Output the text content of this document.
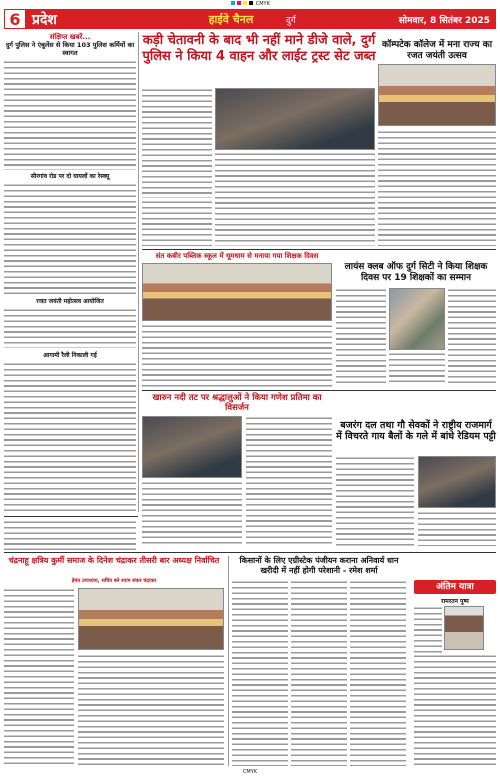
CMYK
6 प्रदेश	हाईवे चैनल	दुर्ग	सोमवार, 8 सितंबर 2025
संक्षिप्त खबरें...
दुर्ग पुलिस ने एंबुलेंस से किया 103 पुलिस कर्मियों का स्वागत
सीरगांव रोड पर दो घायलों का रेस्क्यू
रजत जयंती महोत्सव आयोजित
आगामी रैली निकाली गई
कड़ी चेतावनी के बाद भी नहीं माने डीजे वाले, दुर्ग पुलिस ने किया 4 वाहन और लाईट ट्रस्ट सेट जब्त
कॉम्पटेक कॉलेज में मना राज्य का रजत जयंती उत्सव
संत कबीर पब्लिक स्कूल में धूमधाम से मनाया गया शिक्षक दिवस
लायंस क्लब ऑफ दुर्ग सिटी ने किया शिक्षक दिवस पर 19 शिक्षकों का सम्मान
खारुन नदी तट पर श्रद्धालुओं ने किया गणेश प्रतिमा का विसर्जन
बजरंग दल तथा गौ सेवकों ने राष्ट्रीय राजमार्ग में विचरते गाय बैलों के गले में बांधे रेडियम पट्टी
चंद्रनाहू क्षत्रिय कुर्मी समाज के दिनेश चंद्राकर तीसरी बार अध्यक्ष निर्वाचित
हेमंत उपाध्याय, सचिव बने श्याम संकर चंद्राकर
किसानों के लिए एग्रीस्टेक पंजीयन कराना अनिवार्य धान खरीदी में नहीं होगी परेशानी - रमेश शर्मा
अंतिम यात्रा
रामरतन पुष्प
CMYK
